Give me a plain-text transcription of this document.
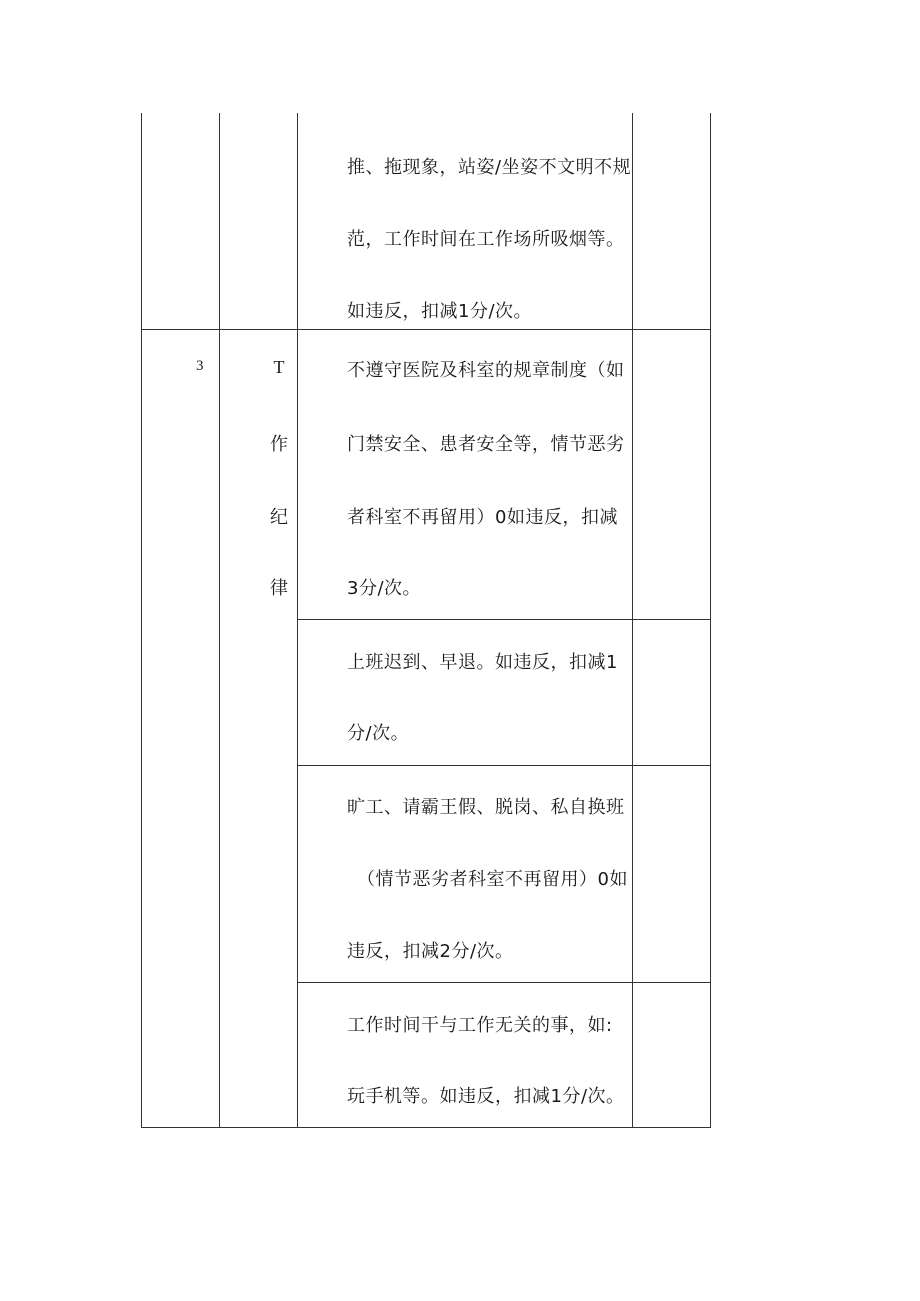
推、拖现象，站姿/坐姿不文明不规
范，工作时间在工作场所吸烟等。
如违反，扣减1分/次。
3	T
作
纪
律
不遵守医院及科室的规章制度（如
门禁安全、患者安全等，情节恶劣
者科室不再留用）0如违反，扣减
3分/次。
上班迟到、早退。如违反，扣减1
分/次。
旷工、请霸王假、脱岗、私自换班
（情节恶劣者科室不再留用）0如
违反，扣减2分/次。
工作时间干与工作无关的事，如:
玩手机等。如违反，扣减1分/次。
